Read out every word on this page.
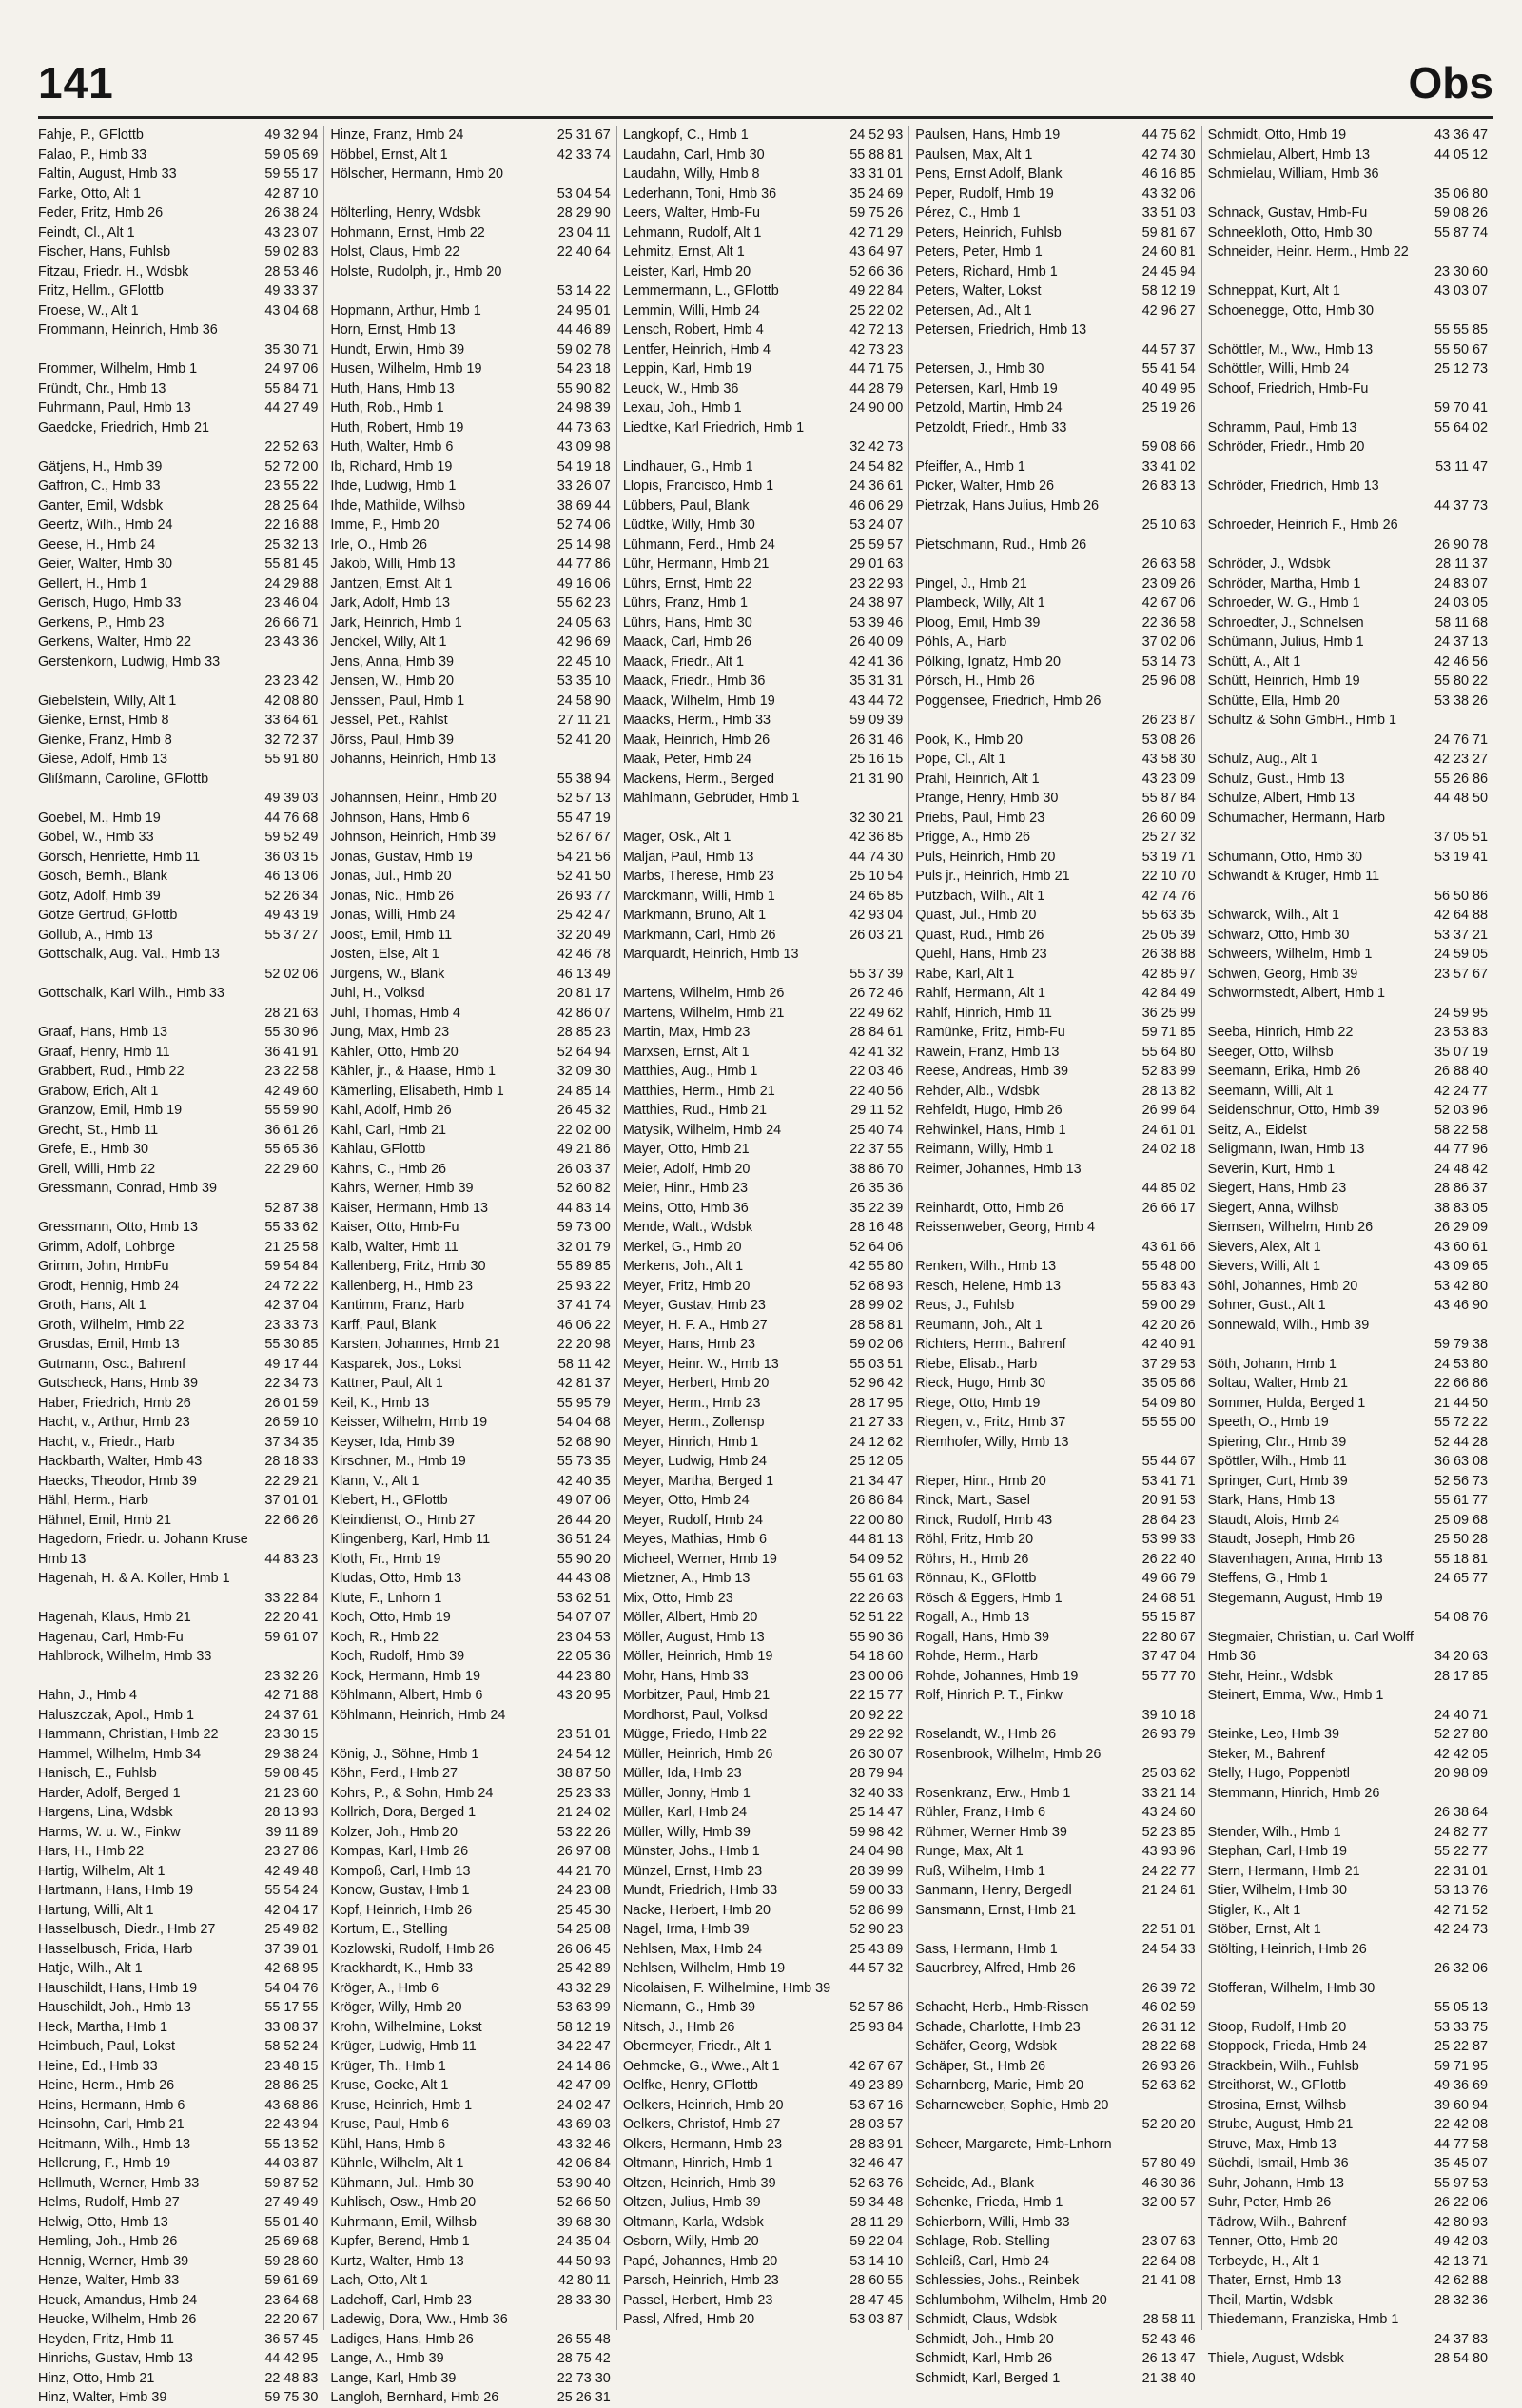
141	Obs
Fahje, P., GFlottb	49 32 94
Falao, P., Hmb 33	59 05 69
Faltin, August, Hmb 33	59 55 17
Farke, Otto, Alt 1	42 87 10
Feder, Fritz, Hmb 26	26 38 24
Feindt, Cl., Alt 1	43 23 07
Fischer, Hans, Fuhlsb	59 02 83
Fitzau, Friedr. H., Wdsbk	28 53 46
Fritz, Hellm., GFlottb	49 33 37
Froese, W., Alt 1	43 04 68
Frommann, Heinrich, Hmb 36
35 30 71
Frommer, Wilhelm, Hmb 1	24 97 06
Fründt, Chr., Hmb 13	55 84 71
Fuhrmann, Paul, Hmb 13	44 27 49
Gaedcke, Friedrich, Hmb 21
22 52 63
Gätjens, H., Hmb 39	52 72 00
Gaffron, C., Hmb 33	23 55 22
Ganter, Emil, Wdsbk	28 25 64
Geertz, Wilh., Hmb 24	22 16 88
Geese, H., Hmb 24	25 32 13
Geier, Walter, Hmb 30	55 81 45
Gellert, H., Hmb 1	24 29 88
Gerisch, Hugo, Hmb 33	23 46 04
Gerkens, P., Hmb 23	26 66 71
Gerkens, Walter, Hmb 22	23 43 36
Gerstenkorn, Ludwig, Hmb 33
23 23 42
Giebelstein, Willy, Alt 1	42 08 80
Gienke, Ernst, Hmb 8	33 64 61
Gienke, Franz, Hmb 8	32 72 37
Giese, Adolf, Hmb 13	55 91 80
Glißmann, Caroline, GFlottb
49 39 03
Goebel, M., Hmb 19	44 76 68
Göbel, W., Hmb 33	59 52 49
Görsch, Henriette, Hmb 11	36 03 15
Gösch, Bernh., Blank	46 13 06
Götz, Adolf, Hmb 39	52 26 34
Götze Gertrud, GFlottb	49 43 19
Gollub, A., Hmb 13	55 37 27
Gottschalk, Aug. Val., Hmb 13
52 02 06
Gottschalk, Karl Wilh., Hmb 33
28 21 63
Graaf, Hans, Hmb 13	55 30 96
Graaf, Henry, Hmb 11	36 41 91
Grabbert, Rud., Hmb 22	23 22 58
Grabow, Erich, Alt 1	42 49 60
Granzow, Emil, Hmb 19	55 59 90
Grecht, St., Hmb 11	36 61 26
Grefe, E., Hmb 30	55 65 36
Grell, Willi, Hmb 22	22 29 60
Gressmann, Conrad, Hmb 39
52 87 38
Gressmann, Otto, Hmb 13	55 33 62
Grimm, Adolf, Lohbrge	21 25 58
Grimm, John, HmbFu	59 54 84
Grodt, Hennig, Hmb 24	24 72 22
Groth, Hans, Alt 1	42 37 04
Groth, Wilhelm, Hmb 22	23 33 73
Grusdas, Emil, Hmb 13	55 30 85
Gutmann, Osc., Bahrenf	49 17 44
Gutscheck, Hans, Hmb 39	22 34 73
Haber, Friedrich, Hmb 26	26 01 59
Hacht, v., Arthur, Hmb 23	26 59 10
Hacht, v., Friedr., Harb	37 34 35
Hackbarth, Walter, Hmb 43	28 18 33
Haecks, Theodor, Hmb 39	22 29 21
Hähl, Herm., Harb	37 01 01
Hähnel, Emil, Hmb 21	22 66 26
Hagedorn, Friedr. u. Johann Kruse
Hmb 13	44 83 23
Hagenah, H. & A. Koller, Hmb 1
33 22 84
Hagenah, Klaus, Hmb 21	22 20 41
Hagenau, Carl, Hmb-Fu	59 61 07
Hahlbrock, Wilhelm, Hmb 33
23 32 26
Hahn, J., Hmb 4	42 71 88
Haluszczak, Apol., Hmb 1	24 37 61
Hammann, Christian, Hmb 22	23 30 15
Hammel, Wilhelm, Hmb 34	29 38 24
Hanisch, E., Fuhlsb	59 08 45
Harder, Adolf, Berged 1	21 23 60
Hargens, Lina, Wdsbk	28 13 93
Harms, W. u. W., Finkw	39 11 89
Hars, H., Hmb 22	23 27 86
Hartig, Wilhelm, Alt 1	42 49 48
Hartmann, Hans, Hmb 19	55 54 24
Hartung, Willi, Alt 1	42 04 17
Hasselbusch, Diedr., Hmb 27	25 49 82
Hasselbusch, Frida, Harb	37 39 01
Hatje, Wilh., Alt 1	42 68 95
Hauschildt, Hans, Hmb 19	54 04 76
Hauschildt, Joh., Hmb 13	55 17 55
Heck, Martha, Hmb 1	33 08 37
Heimbuch, Paul, Lokst	58 52 24
Heine, Ed., Hmb 33	23 48 15
Heine, Herm., Hmb 26	28 86 25
Heins, Hermann, Hmb 6	43 68 86
Heinsohn, Carl, Hmb 21	22 43 94
Heitmann, Wilh., Hmb 13	55 13 52
Hellerung, F., Hmb 19	44 03 87
Hellmuth, Werner, Hmb 33	59 87 52
Helms, Rudolf, Hmb 27	27 49 49
Helwig, Otto, Hmb 13	55 01 40
Hemling, Joh., Hmb 26	25 69 68
Hennig, Werner, Hmb 39	59 28 60
Henze, Walter, Hmb 33	59 61 69
Heuck, Amandus, Hmb 24	23 64 68
Heucke, Wilhelm, Hmb 26	22 20 67
Heyden, Fritz, Hmb 11	36 57 45
Hinrichs, Gustav, Hmb 13	44 42 95
Hinz, Otto, Hmb 21	22 48 83
Hinz, Walter, Hmb 39	59 75 30
Hinze, Franz, Hmb 24	25 31 67
Höbbel, Ernst, Alt 1	42 33 74
Hölscher, Hermann, Hmb 20
53 04 54
Hölterling, Henry, Wdsbk	28 29 90
Hohmann, Ernst, Hmb 22	23 04 11
Holst, Claus, Hmb 22	22 40 64
Holste, Rudolph, jr., Hmb 20
53 14 22
Hopmann, Arthur, Hmb 1	24 95 01
Horn, Ernst, Hmb 13	44 46 89
Hundt, Erwin, Hmb 39	59 02 78
Husen, Wilhelm, Hmb 19	54 23 18
Huth, Hans, Hmb 13	55 90 82
Huth, Rob., Hmb 1	24 98 39
Huth, Robert, Hmb 19	44 73 63
Huth, Walter, Hmb 6	43 09 98
Ib, Richard, Hmb 19	54 19 18
Ihde, Ludwig, Hmb 1	33 26 07
Ihde, Mathilde, Wilhsb	38 69 44
Imme, P., Hmb 20	52 74 06
Irle, O., Hmb 26	25 14 98
Jakob, Willi, Hmb 13	44 77 86
Jantzen, Ernst, Alt 1	49 16 06
Jark, Adolf, Hmb 13	55 62 23
Jark, Heinrich, Hmb 1	24 05 63
Jenckel, Willy, Alt 1	42 96 69
Jens, Anna, Hmb 39	22 45 10
Jensen, W., Hmb 20	53 35 10
Jenssen, Paul, Hmb 1	24 58 90
Jessel, Pet., Rahlst	27 11 21
Jörss, Paul, Hmb 39	52 41 20
Johanns, Heinrich, Hmb 13
55 38 94
Johannsen, Heinr., Hmb 20	52 57 13
Johnson, Hans, Hmb 6	55 47 19
Johnson, Heinrich, Hmb 39	52 67 67
Jonas, Gustav, Hmb 19	54 21 56
Jonas, Jul., Hmb 20	52 41 50
Jonas, Nic., Hmb 26	26 93 77
Jonas, Willi, Hmb 24	25 42 47
Joost, Emil, Hmb 11	32 20 49
Josten, Else, Alt 1	42 46 78
Jürgens, W., Blank	46 13 49
Juhl, H., Volksd	20 81 17
Juhl, Thomas, Hmb 4	42 86 07
Jung, Max, Hmb 23	28 85 23
Kähler, Otto, Hmb 20	52 64 94
Kähler, jr., & Haase, Hmb 1	32 09 30
Kämerling, Elisabeth, Hmb 1	24 85 14
Kahl, Adolf, Hmb 26	26 45 32
Kahl, Carl, Hmb 21	22 02 00
Kahlau, GFlottb	49 21 86
Kahns, C., Hmb 26	26 03 37
Kahrs, Werner, Hmb 39	52 60 82
Kaiser, Hermann, Hmb 13	44 83 14
Kaiser, Otto, Hmb-Fu	59 73 00
Kalb, Walter, Hmb 11	32 01 79
Kallenberg, Fritz, Hmb 30	55 89 85
Kallenberg, H., Hmb 23	25 93 22
Kantimm, Franz, Harb	37 41 74
Karff, Paul, Blank	46 06 22
Karsten, Johannes, Hmb 21	22 20 98
Kasparek, Jos., Lokst	58 11 42
Kattner, Paul, Alt 1	42 81 37
Keil, K., Hmb 13	55 95 79
Keisser, Wilhelm, Hmb 19	54 04 68
Keyser, Ida, Hmb 39	52 68 90
Kirschner, M., Hmb 19	55 73 35
Klann, V., Alt 1	42 40 35
Klebert, H., GFlottb	49 07 06
Kleindienst, O., Hmb 27	26 44 20
Klingenberg, Karl, Hmb 11	36 51 24
Kloth, Fr., Hmb 19	55 90 20
Kludas, Otto, Hmb 13	44 43 08
Klute, F., Lnhorn 1	53 62 51
Koch, Otto, Hmb 19	54 07 07
Koch, R., Hmb 22	23 04 53
Koch, Rudolf, Hmb 39	22 05 36
Kock, Hermann, Hmb 19	44 23 80
Köhlmann, Albert, Hmb 6	43 20 95
Köhlmann, Heinrich, Hmb 24
23 51 01
König, J., Söhne, Hmb 1	24 54 12
Köhn, Ferd., Hmb 27	38 87 50
Kohrs, P., & Sohn, Hmb 24	25 23 33
Kollrich, Dora, Berged 1	21 24 02
Kolzer, Joh., Hmb 20	53 22 26
Kompas, Karl, Hmb 26	26 97 08
Kompoß, Carl, Hmb 13	44 21 70
Konow, Gustav, Hmb 1	24 23 08
Kopf, Heinrich, Hmb 26	25 45 30
Kortum, E., Stelling	54 25 08
Kozlowski, Rudolf, Hmb 26	26 06 45
Krackhardt, K., Hmb 33	25 42 89
Kröger, A., Hmb 6	43 32 29
Kröger, Willy, Hmb 20	53 63 99
Krohn, Wilhelmine, Lokst	58 12 19
Krüger, Ludwig, Hmb 11	34 22 47
Krüger, Th., Hmb 1	24 14 86
Kruse, Goeke, Alt 1	42 47 09
Kruse, Heinrich, Hmb 1	24 02 47
Kruse, Paul, Hmb 6	43 69 03
Kühl, Hans, Hmb 6	43 32 46
Kühnle, Wilhelm, Alt 1	42 06 84
Kühmann, Jul., Hmb 30	53 90 40
Kuhlisch, Osw., Hmb 20	52 66 50
Kuhrmann, Emil, Wilhsb	39 68 30
Kupfer, Berend, Hmb 1	24 35 04
Kurtz, Walter, Hmb 13	44 50 93
Lach, Otto, Alt 1	42 80 11
Ladehoff, Carl, Hmb 23	28 33 30
Ladewig, Dora, Ww., Hmb 36
Ladiges, Hans, Hmb 26	26 55 48
Lange, A., Hmb 39	28 75 42
Lange, Karl, Hmb 39	22 73 30
Langloh, Bernhard, Hmb 26	25 26 31
Langkopf, C., Hmb 1	24 52 93
Laudahn, Carl, Hmb 30	55 88 81
Laudahn, Willy, Hmb 8	33 31 01
Lederhann, Toni, Hmb 36	35 24 69
Leers, Walter, Hmb-Fu	59 75 26
Lehmann, Rudolf, Alt 1	42 71 29
Lehmitz, Ernst, Alt 1	43 64 97
Leister, Karl, Hmb 20	52 66 36
Lemmermann, L., GFlottb	49 22 84
Lemmin, Willi, Hmb 24	25 22 02
Lensch, Robert, Hmb 4	42 72 13
Lentfer, Heinrich, Hmb 4	42 73 23
Leppin, Karl, Hmb 19	44 71 75
Leuck, W., Hmb 36	44 28 79
Lexau, Joh., Hmb 1	24 90 00
Liedtke, Karl Friedrich, Hmb 1
32 42 73
Lindhauer, G., Hmb 1	24 54 82
Llopis, Francisco, Hmb 1	24 36 61
Lübbers, Paul, Blank	46 06 29
Lüdtke, Willy, Hmb 30	53 24 07
Lühmann, Ferd., Hmb 24	25 59 57
Lühr, Hermann, Hmb 21	29 01 63
Lührs, Ernst, Hmb 22	23 22 93
Lührs, Franz, Hmb 1	24 38 97
Lührs, Hans, Hmb 30	53 39 46
Maack, Carl, Hmb 26	26 40 09
Maack, Friedr., Alt 1	42 41 36
Maack, Friedr., Hmb 36	35 31 31
Maack, Wilhelm, Hmb 19	43 44 72
Maacks, Herm., Hmb 33	59 09 39
Maak, Heinrich, Hmb 26	26 31 46
Maak, Peter, Hmb 24	25 16 15
Mackens, Herm., Berged	21 31 90
Mählmann, Gebrüder, Hmb 1
32 30 21
Mager, Osk., Alt 1	42 36 85
Maljan, Paul, Hmb 13	44 74 30
Marbs, Therese, Hmb 23	25 10 54
Marckmann, Willi, Hmb 1	24 65 85
Markmann, Bruno, Alt 1	42 93 04
Markmann, Carl, Hmb 26	26 03 21
Marquardt, Heinrich, Hmb 13
55 37 39
Martens, Wilhelm, Hmb 26	26 72 46
Martens, Wilhelm, Hmb 21	22 49 62
Martin, Max, Hmb 23	28 84 61
Marxsen, Ernst, Alt 1	42 41 32
Matthies, Aug., Hmb 1	22 03 46
Matthies, Herm., Hmb 21	22 40 56
Matthies, Rud., Hmb 21	29 11 52
Matysik, Wilhelm, Hmb 24	25 40 74
Mayer, Otto, Hmb 21	22 37 55
Meier, Adolf, Hmb 20	38 86 70
Meier, Hinr., Hmb 23	26 35 36
Meins, Otto, Hmb 36	35 22 39
Mende, Walt., Wdsbk	28 16 48
Merkel, G., Hmb 20	52 64 06
Merkens, Joh., Alt 1	42 55 80
Meyer, Fritz, Hmb 20	52 68 93
Meyer, Gustav, Hmb 23	28 99 02
Meyer, H. F. A., Hmb 27	28 58 81
Meyer, Hans, Hmb 23	59 02 06
Meyer, Heinr. W., Hmb 13	55 03 51
Meyer, Herbert, Hmb 20	52 96 42
Meyer, Herm., Hmb 23	28 17 95
Meyer, Herm., Zollensp	21 27 33
Meyer, Hinrich, Hmb 1	24 12 62
Meyer, Ludwig, Hmb 24	25 12 05
Meyer, Martha, Berged 1	21 34 47
Meyer, Otto, Hmb 24	26 86 84
Meyer, Rudolf, Hmb 24	22 00 80
Meyes, Mathias, Hmb 6	44 81 13
Micheel, Werner, Hmb 19	54 09 52
Mietzner, A., Hmb 13	55 61 63
Mix, Otto, Hmb 23	22 26 63
Möller, Albert, Hmb 20	52 51 22
Möller, August, Hmb 13	55 90 36
Möller, Heinrich, Hmb 19	54 18 60
Mohr, Hans, Hmb 33	23 00 06
Morbitzer, Paul, Hmb 21	22 15 77
Mordhorst, Paul, Volksd	20 92 22
Mügge, Friedo, Hmb 22	29 22 92
Müller, Heinrich, Hmb 26	26 30 07
Müller, Ida, Hmb 23	28 79 94
Müller, Jonny, Hmb 1	32 40 33
Müller, Karl, Hmb 24	25 14 47
Müller, Willy, Hmb 39	59 98 42
Münster, Johs., Hmb 1	24 04 98
Münzel, Ernst, Hmb 23	28 39 99
Mundt, Friedrich, Hmb 33	59 00 33
Nacke, Herbert, Hmb 20	52 86 99
Nagel, Irma, Hmb 39	52 90 23
Nehlsen, Max, Hmb 24	25 43 89
Nehlsen, Wilhelm, Hmb 19	44 57 32
Nicolaisen, F. Wilhelmine, Hmb 39
Niemann, G., Hmb 39	52 57 86
Nitsch, J., Hmb 26	25 93 84
Obermeyer, Friedr., Alt 1
Oehmcke, G., Wwe., Alt 1	42 67 67
Oelfke, Henry, GFlottb	49 23 89
Oelkers, Heinrich, Hmb 20	53 67 16
Oelkers, Christof, Hmb 27	28 03 57
Olkers, Hermann, Hmb 23	28 83 91
Oltmann, Hinrich, Hmb 1	32 46 47
Oltzen, Heinrich, Hmb 39	52 63 76
Oltzen, Julius, Hmb 39	59 34 48
Oltmann, Karla, Wdsbk	28 11 29
Osborn, Willy, Hmb 20	59 22 04
Papé, Johannes, Hmb 20	53 14 10
Parsch, Heinrich, Hmb 23	28 60 55
Passel, Herbert, Hmb 23	28 47 45
Passl, Alfred, Hmb 20	53 03 87
Paulsen, Hans, Hmb 19	44 75 62
Paulsen, Max, Alt 1	42 74 30
Pens, Ernst Adolf, Blank	46 16 85
Peper, Rudolf, Hmb 19	43 32 06
Pérez, C., Hmb 1	33 51 03
Peters, Heinrich, Fuhlsb	59 81 67
Peters, Peter, Hmb 1	24 60 81
Peters, Richard, Hmb 1	24 45 94
Peters, Walter, Lokst	58 12 19
Petersen, Ad., Alt 1	42 96 27
Petersen, Friedrich, Hmb 13
44 57 37
Petersen, J., Hmb 30	55 41 54
Petersen, Karl, Hmb 19	40 49 95
Petzold, Martin, Hmb 24	25 19 26
Petzoldt, Friedr., Hmb 33
59 08 66
Pfeiffer, A., Hmb 1	33 41 02
Picker, Walter, Hmb 26	26 83 13
Pietrzak, Hans Julius, Hmb 26
25 10 63
Pietschmann, Rud., Hmb 26
26 63 58
Pingel, J., Hmb 21	23 09 26
Plambeck, Willy, Alt 1	42 67 06
Ploog, Emil, Hmb 39	22 36 58
Pöhls, A., Harb	37 02 06
Pölking, Ignatz, Hmb 20	53 14 73
Pörsch, H., Hmb 26	25 96 08
Poggensee, Friedrich, Hmb 26
26 23 87
Pook, K., Hmb 20	53 08 26
Pope, Cl., Alt 1	43 58 30
Prahl, Heinrich, Alt 1	43 23 09
Prange, Henry, Hmb 30	55 87 84
Priebs, Paul, Hmb 23	26 60 09
Prigge, A., Hmb 26	25 27 32
Puls, Heinrich, Hmb 20	53 19 71
Puls jr., Heinrich, Hmb 21	22 10 70
Putzbach, Wilh., Alt 1	42 74 76
Quast, Jul., Hmb 20	55 63 35
Quast, Rud., Hmb 26	25 05 39
Quehl, Hans, Hmb 23	26 38 88
Rabe, Karl, Alt 1	42 85 97
Rahlf, Hermann, Alt 1	42 84 49
Rahlf, Hinrich, Hmb 11	36 25 99
Ramünke, Fritz, Hmb-Fu	59 71 85
Rawein, Franz, Hmb 13	55 64 80
Reese, Andreas, Hmb 39	52 83 99
Rehder, Alb., Wdsbk	28 13 82
Rehfeldt, Hugo, Hmb 26	26 99 64
Rehwinkel, Hans, Hmb 1	24 61 01
Reimann, Willy, Hmb 1	24 02 18
Reimer, Johannes, Hmb 13
44 85 02
Reinhardt, Otto, Hmb 26	26 66 17
Reissenweber, Georg, Hmb 4
43 61 66
Renken, Wilh., Hmb 13	55 48 00
Resch, Helene, Hmb 13	55 83 43
Reus, J., Fuhlsb	59 00 29
Reumann, Joh., Alt 1	42 20 26
Richters, Herm., Bahrenf	42 40 91
Riebe, Elisab., Harb	37 29 53
Rieck, Hugo, Hmb 30	35 05 66
Riege, Otto, Hmb 19	54 09 80
Riegen, v., Fritz, Hmb 37	55 55 00
Riemhofer, Willy, Hmb 13
55 44 67
Rieper, Hinr., Hmb 20	53 41 71
Rinck, Mart., Sasel	20 91 53
Rinck, Rudolf, Hmb 43	28 64 23
Röhl, Fritz, Hmb 20	53 99 33
Röhrs, H., Hmb 26	26 22 40
Rönnau, K., GFlottb	49 66 79
Rösch & Eggers, Hmb 1	24 68 51
Rogall, A., Hmb 13	55 15 87
Rogall, Hans, Hmb 39	22 80 67
Rohde, Herm., Harb	37 47 04
Rohde, Johannes, Hmb 19	55 77 70
Rolf, Hinrich P. T., Finkw
39 10 18
Roselandt, W., Hmb 26	26 93 79
Rosenbrook, Wilhelm, Hmb 26
25 03 62
Rosenkranz, Erw., Hmb 1	33 21 14
Rühler, Franz, Hmb 6	43 24 60
Rühmer, Werner Hmb 39	52 23 85
Runge, Max, Alt 1	43 93 96
Ruß, Wilhelm, Hmb 1	24 22 77
Sanmann, Henry, Bergedl	21 24 61
Sansmann, Ernst, Hmb 21
22 51 01
Sass, Hermann, Hmb 1	24 54 33
Sauerbrey, Alfred, Hmb 26
26 39 72
Schacht, Herb., Hmb-Rissen	46 02 59
Schade, Charlotte, Hmb 23	26 31 12
Schäfer, Georg, Wdsbk	28 22 68
Schäper, St., Hmb 26	26 93 26
Scharnberg, Marie, Hmb 20	52 63 62
Scharneweber, Sophie, Hmb 20
52 20 20
Scheer, Margarete, Hmb-Lnhorn
57 80 49
Scheide, Ad., Blank	46 30 36
Schenke, Frieda, Hmb 1	32 00 57
Schierborn, Willi, Hmb 33
Schlage, Rob. Stelling	23 07 63
Schleiß, Carl, Hmb 24	22 64 08
Schlessies, Johs., Reinbek	21 41 08
Schlumbohm, Wilhelm, Hmb 20
Schmidt, Claus, Wdsbk	28 58 11
Schmidt, Joh., Hmb 20	52 43 46
Schmidt, Karl, Hmb 26	26 13 47
Schmidt, Karl, Berged 1	21 38 40
Schmidt, Otto, Hmb 19	43 36 47
Schmielau, Albert, Hmb 13	44 05 12
Schmielau, William, Hmb 36
35 06 80
Schnack, Gustav, Hmb-Fu	59 08 26
Schneekloth, Otto, Hmb 30	55 87 74
Schneider, Heinr. Herm., Hmb 22
23 30 60
Schneppat, Kurt, Alt 1	43 03 07
Schoenegge, Otto, Hmb 30
55 55 85
Schöttler, M., Ww., Hmb 13	55 50 67
Schöttler, Willi, Hmb 24	25 12 73
Schoof, Friedrich, Hmb-Fu
59 70 41
Schramm, Paul, Hmb 13	55 64 02
Schröder, Friedr., Hmb 20
53 11 47
Schröder, Friedrich, Hmb 13
44 37 73
Schroeder, Heinrich F., Hmb 26
26 90 78
Schröder, J., Wdsbk	28 11 37
Schröder, Martha, Hmb 1	24 83 07
Schroeder, W. G., Hmb 1	24 03 05
Schroedter, J., Schnelsen	58 11 68
Schümann, Julius, Hmb 1	24 37 13
Schütt, A., Alt 1	42 46 56
Schütt, Heinrich, Hmb 19	55 80 22
Schütte, Ella, Hmb 20	53 38 26
Schultz & Sohn GmbH., Hmb 1
24 76 71
Schulz, Aug., Alt 1	42 23 27
Schulz, Gust., Hmb 13	55 26 86
Schulze, Albert, Hmb 13	44 48 50
Schumacher, Hermann, Harb
37 05 51
Schumann, Otto, Hmb 30	53 19 41
Schwandt & Krüger, Hmb 11
56 50 86
Schwarck, Wilh., Alt 1	42 64 88
Schwarz, Otto, Hmb 30	53 37 21
Schweers, Wilhelm, Hmb 1	24 59 05
Schwen, Georg, Hmb 39	23 57 67
Schwormstedt, Albert, Hmb 1
24 59 95
Seeba, Hinrich, Hmb 22	23 53 83
Seeger, Otto, Wilhsb	35 07 19
Seemann, Erika, Hmb 26	26 88 40
Seemann, Willi, Alt 1	42 24 77
Seidenschnur, Otto, Hmb 39	52 03 96
Seitz, A., Eidelst	58 22 58
Seligmann, Iwan, Hmb 13	44 77 96
Severin, Kurt, Hmb 1	24 48 42
Siegert, Hans, Hmb 23	28 86 37
Siegert, Anna, Wilhsb	38 83 05
Siemsen, Wilhelm, Hmb 26	26 29 09
Sievers, Alex, Alt 1	43 60 61
Sievers, Willi, Alt 1	43 09 65
Söhl, Johannes, Hmb 20	53 42 80
Sohner, Gust., Alt 1	43 46 90
Sonnewald, Wilh., Hmb 39
59 79 38
Söth, Johann, Hmb 1	24 53 80
Soltau, Walter, Hmb 21	22 66 86
Sommer, Hulda, Berged 1	21 44 50
Speeth, O., Hmb 19	55 72 22
Spiering, Chr., Hmb 39	52 44 28
Spöttler, Wilh., Hmb 11	36 63 08
Springer, Curt, Hmb 39	52 56 73
Stark, Hans, Hmb 13	55 61 77
Staudt, Alois, Hmb 24	25 09 68
Staudt, Joseph, Hmb 26	25 50 28
Stavenhagen, Anna, Hmb 13	55 18 81
Steffens, G., Hmb 1	24 65 77
Stegemann, August, Hmb 19
54 08 76
Stegmaier, Christian, u. Carl Wolff
Hmb 36	34 20 63
Stehr, Heinr., Wdsbk	28 17 85
Steinert, Emma, Ww., Hmb 1
24 40 71
Steinke, Leo, Hmb 39	52 27 80
Steker, M., Bahrenf	42 42 05
Stelly, Hugo, Poppenbtl	20 98 09
Stemmann, Hinrich, Hmb 26
26 38 64
Stender, Wilh., Hmb 1	24 82 77
Stephan, Carl, Hmb 19	55 22 77
Stern, Hermann, Hmb 21	22 31 01
Stier, Wilhelm, Hmb 30	53 13 76
Stigler, K., Alt 1	42 71 52
Stöber, Ernst, Alt 1	42 24 73
Stölting, Heinrich, Hmb 26
26 32 06
Stofferan, Wilhelm, Hmb 30
55 05 13
Stoop, Rudolf, Hmb 20	53 33 75
Stoppock, Frieda, Hmb 24	25 22 87
Strackbein, Wilh., Fuhlsb	59 71 95
Streithorst, W., GFlottb	49 36 69
Strosina, Ernst, Wilhsb	39 60 94
Strube, August, Hmb 21	22 42 08
Struve, Max, Hmb 13	44 77 58
Süchdi, Ismail, Hmb 36	35 45 07
Suhr, Johann, Hmb 13	55 97 53
Suhr, Peter, Hmb 26	26 22 06
Tädrow, Wilh., Bahrenf	42 80 93
Tenner, Otto, Hmb 20	49 42 03
Terbeyde, H., Alt 1	42 13 71
Thater, Ernst, Hmb 13	42 62 88
Theil, Martin, Wdsbk	28 32 36
Thiedemann, Franziska, Hmb 1
24 37 83
Thiele, August, Wdsbk	28 54 80
